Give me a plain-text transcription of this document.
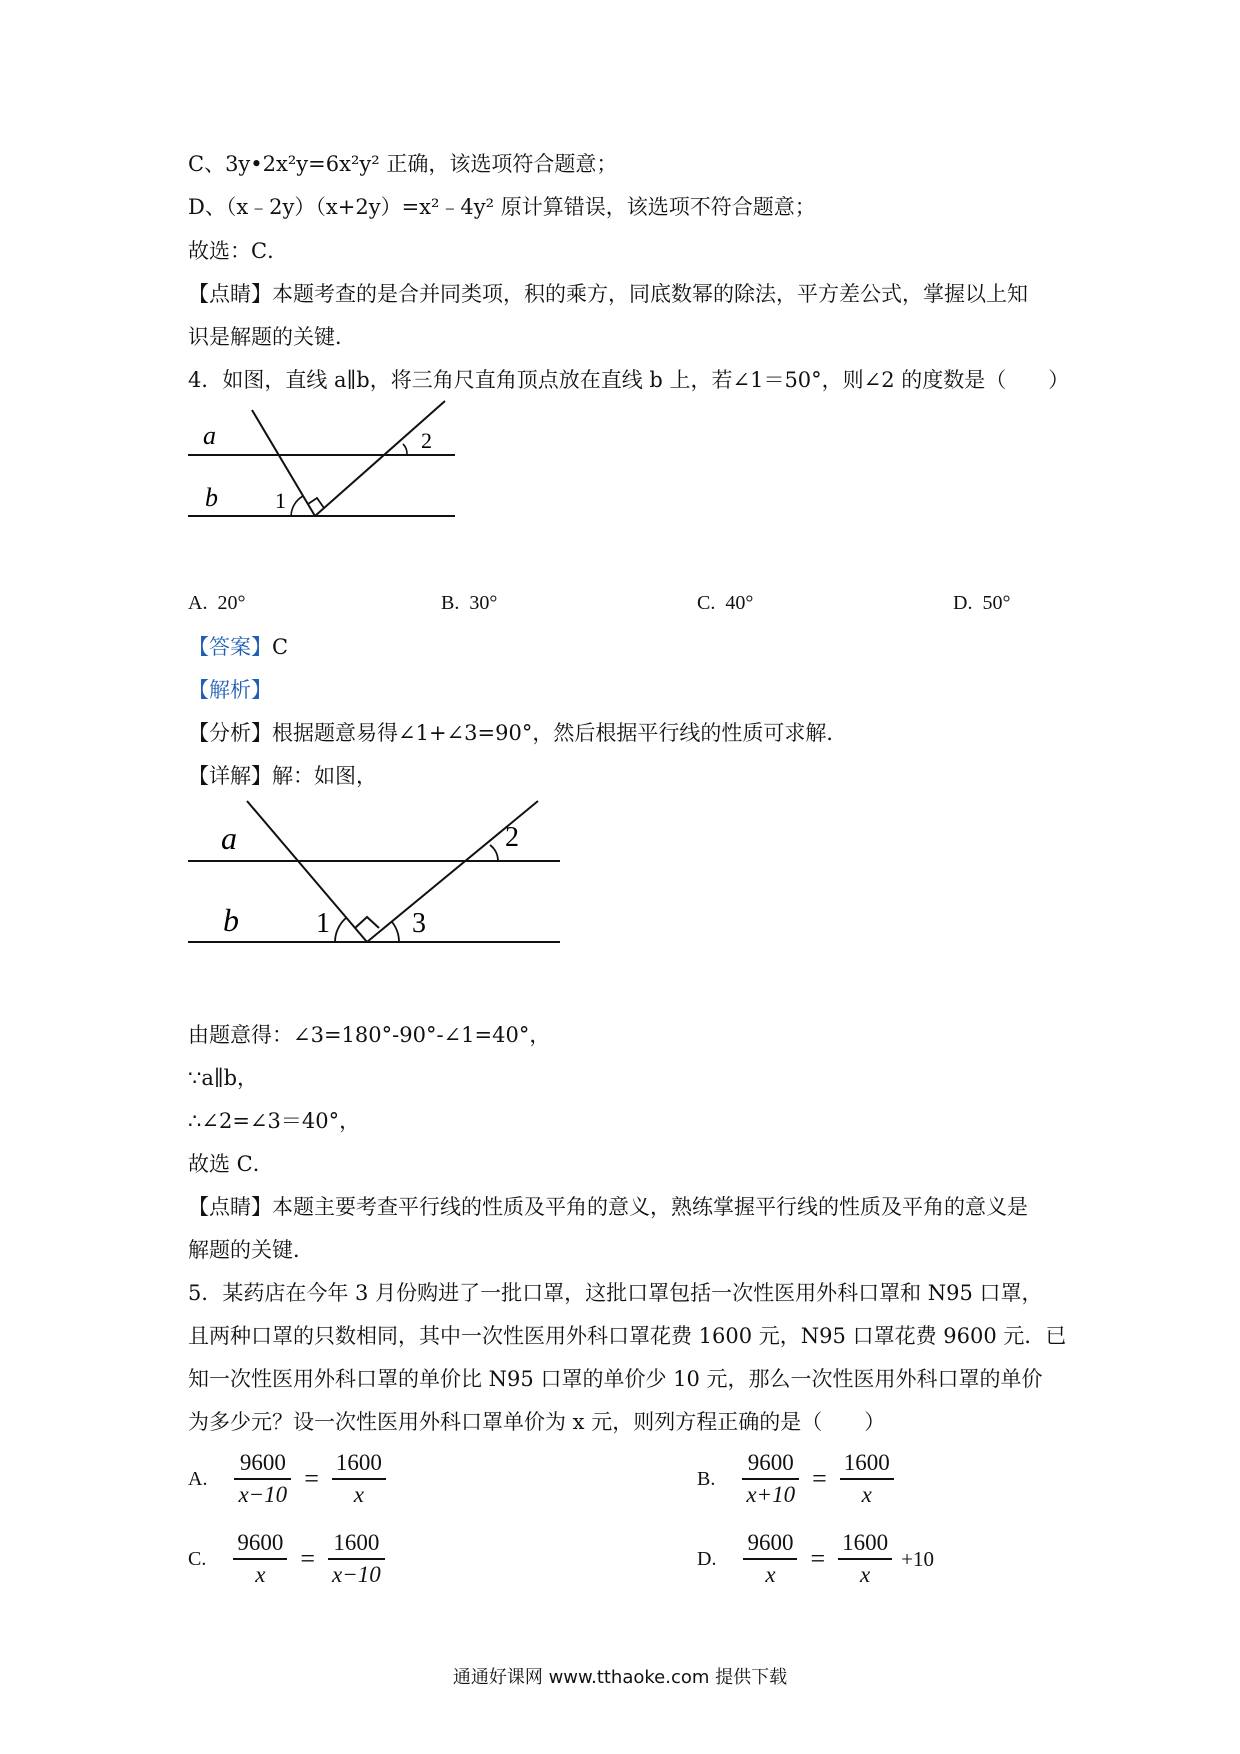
C、3y•2x²y=6x²y² 正确，该选项符合题意；
D、（x﹣2y）（x+2y）=x²﹣4y² 原计算错误，该选项不符合题意；
故选：C．
【点睛】本题考查的是合并同类项，积的乘方，同底数幂的除法，平方差公式，掌握以上知
识是解题的关键．
4．如图，直线 a∥b，将三角尺直角顶点放在直线 b 上，若∠1＝50°，则∠2 的度数是（　　）
a
b	1
2
A. 20°	B. 30°	C. 40°	D. 50°
【答案】C
【解析】
【分析】根据题意易得∠1+∠3=90°，然后根据平行线的性质可求解．
【详解】解：如图，
a
b	1	3
2
由题意得：∠3=180°-90°-∠1=40°，
∵a∥b，
∴∠2=∠3＝40°，
故选 C．
【点睛】本题主要考查平行线的性质及平角的意义，熟练掌握平行线的性质及平角的意义是
解题的关键．
5．某药店在今年 3 月份购进了一批口罩，这批口罩包括一次性医用外科口罩和 N95 口罩，
且两种口罩的只数相同，其中一次性医用外科口罩花费 1600 元，N95 口罩花费 9600 元．已
知一次性医用外科口罩的单价比 N95 口罩的单价少 10 元，那么一次性医用外科口罩的单价
为多少元？设一次性医用外科口罩单价为 x 元，则列方程正确的是（　　）
A. $\frac{9600}{x-10} = \frac{1600}{x}$	B. $\frac{9600}{x+10} = \frac{1600}{x}$
C. $\frac{9600}{x} = \frac{1600}{x-10}$	D. $\frac{9600}{x} = \frac{1600}{x} +10$
通通好课网 www.tthaoke.com 提供下载
